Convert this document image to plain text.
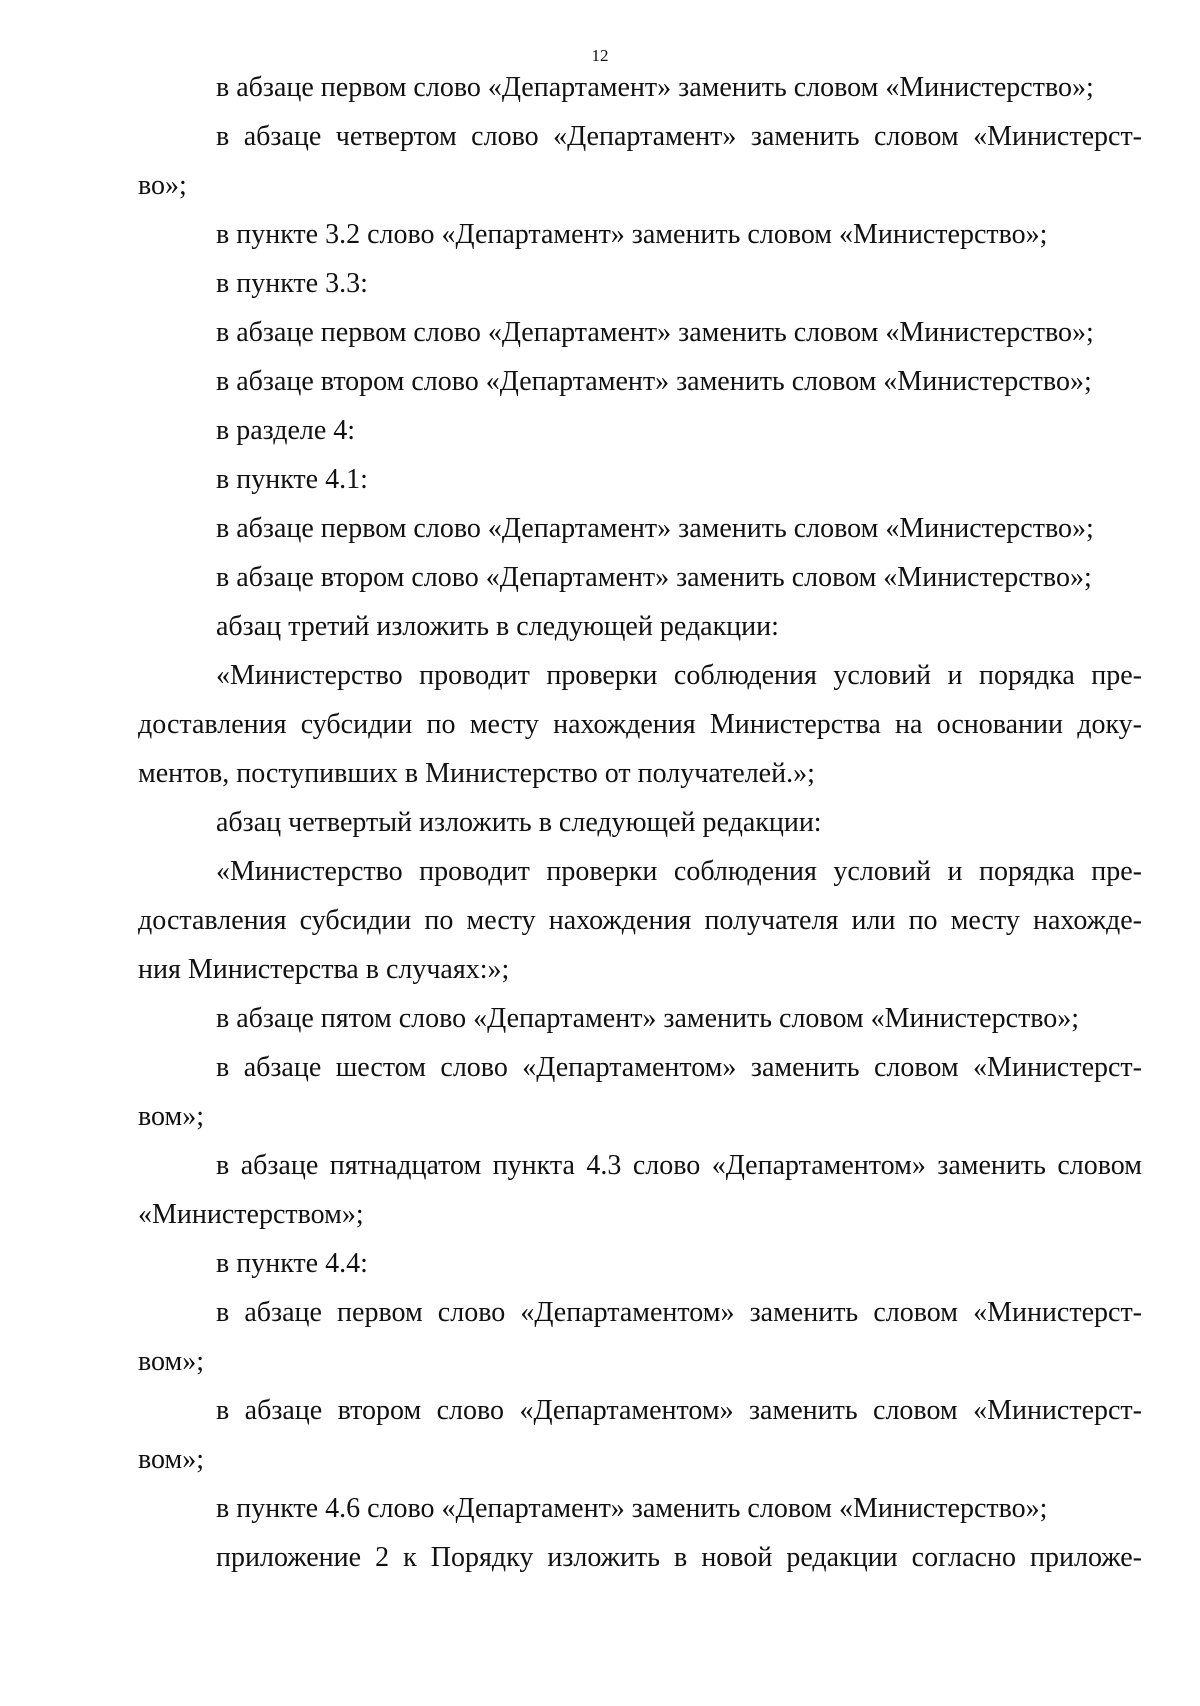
12
в абзаце первом слово «Департамент» заменить словом «Министерство»;
в абзаце четвертом слово «Департамент» заменить словом «Министерст-
во»;
в пункте 3.2 слово «Департамент» заменить словом «Министерство»;
в пункте 3.3:
в абзаце первом слово «Департамент» заменить словом «Министерство»;
в абзаце втором слово «Департамент» заменить словом «Министерство»;
в разделе 4:
в пункте 4.1:
в абзаце первом слово «Департамент» заменить словом «Министерство»;
в абзаце втором слово «Департамент» заменить словом «Министерство»;
абзац третий изложить в следующей редакции:
«Министерство проводит проверки соблюдения условий и порядка пре-
доставления субсидии по месту нахождения Министерства на основании доку-
ментов, поступивших в Министерство от получателей.»;
абзац четвертый изложить в следующей редакции:
«Министерство проводит проверки соблюдения условий и порядка пре-
доставления субсидии по месту нахождения получателя или по месту нахожде-
ния Министерства в случаях:»;
в абзаце пятом слово «Департамент» заменить словом «Министерство»;
в абзаце шестом слово «Департаментом» заменить словом «Министерст-
вом»;
в абзаце пятнадцатом пункта 4.3 слово «Департаментом» заменить словом
«Министерством»;
в пункте 4.4:
в абзаце первом слово «Департаментом» заменить словом «Министерст-
вом»;
в абзаце втором слово «Департаментом» заменить словом «Министерст-
вом»;
в пункте 4.6 слово «Департамент» заменить словом «Министерство»;
приложение 2 к Порядку изложить в новой редакции согласно приложе-
